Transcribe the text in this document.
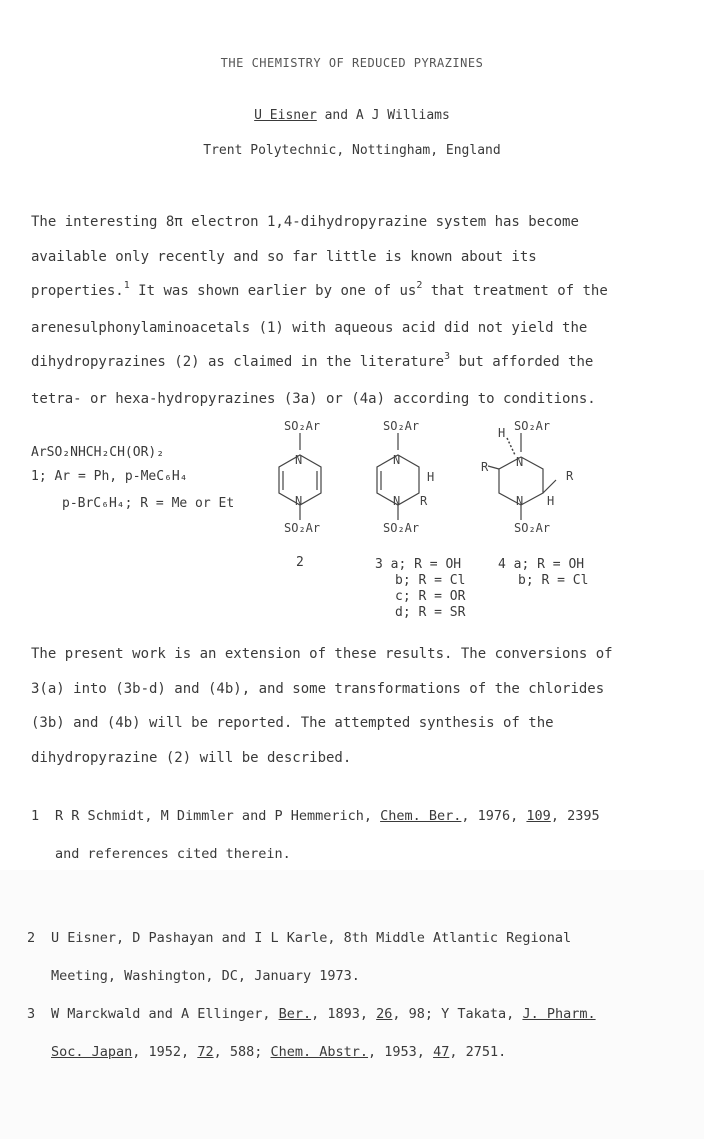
THE CHEMISTRY OF REDUCED PYRAZINES
U Eisner and A J Williams
Trent Polytechnic, Nottingham, England
The interesting 8π electron 1,4-dihydropyrazine system has become
available only recently and so far little is known about its
properties.$^1$ It was shown earlier by one of $us^2$ that treatment of the
arenesulphonylaminoacetals (1) with aqueous acid did not yield the
dihydropyrazines (2) as claimed in the literature$^3$ but afforded the
tetra- or hexa-hydropyrazines (3a) or (4a) according to conditions.
ArSO₂NHCH₂CH(OR)₂
1; Ar = Ph, p-MeC₆H₄
p-BrC₆H₄; R = Me or Et
SO₂Ar
N
N
SO₂Ar
SO₂Ar
N
N
H
R
SO₂Ar
SO₂Ar
H
N
R
R
N H
SO₂Ar
2	3 a; R = OH
b; R = Cl
c; R = OR
d; R = SR
4 a; R = OH
b; R = Cl
The present work is an extension of these results. The conversions of
3(a) into (3b-d) and (4b), and some transformations of the chlorides
(3b) and (4b) will be reported. The attempted synthesis of the
dihydropyrazine (2) will be described.
1 R R Schmidt, M Dimmler and P Hemmerich, Chem. Ber., 1976, 109, 2395
and references cited therein.
2 U Eisner, D Pashayan and I L Karle, 8th Middle Atlantic Regional
Meeting, Washington, DC, January 1973.
3 W Marckwald and A Ellinger, Ber., 1893, 26, 98; Y Takata, J. Pharm.
Soc. Japan, 1952, 72, 588; Chem. Abstr., 1953, 47, 2751.
